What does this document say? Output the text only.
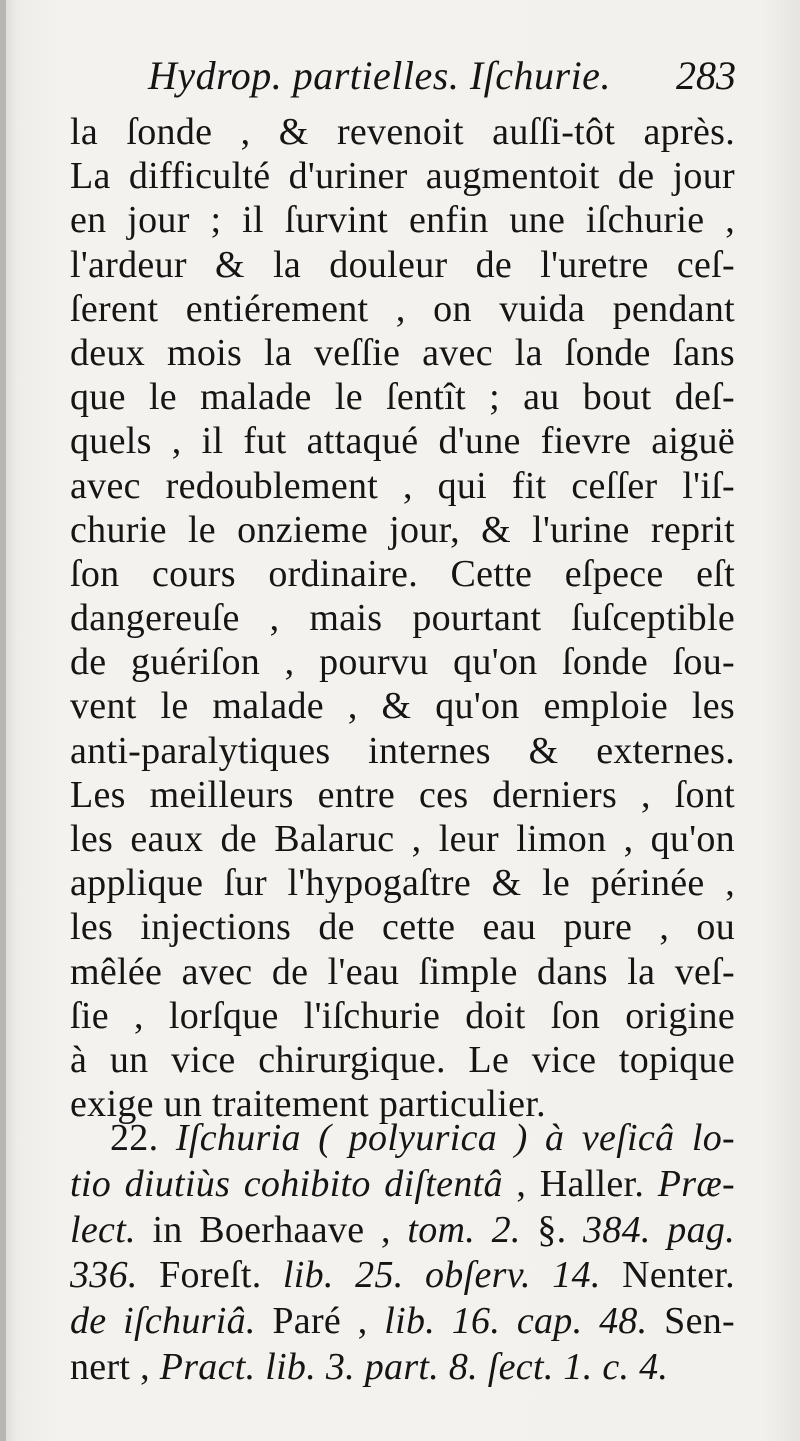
Hydrop. partielles. Iſchurie. 283
la ſonde , & revenoit auſſi-tôt après.
La difficulté d'uriner augmentoit de jour
en jour ; il ſurvint enfin une iſchurie ,
l'ardeur & la douleur de l'uretre ceſ-
ſerent entiérement , on vuida pendant
deux mois la veſſie avec la ſonde ſans
que le malade le ſentît ; au bout deſ-
quels , il fut attaqué d'une fievre aiguë
avec redoublement , qui fit ceſſer l'iſ-
churie le onzieme jour, & l'urine reprit
ſon cours ordinaire. Cette eſpece eſt
dangereuſe , mais pourtant ſuſceptible
de guériſon , pourvu qu'on ſonde ſou-
vent le malade , & qu'on emploie les
anti-paralytiques internes & externes.
Les meilleurs entre ces derniers , ſont
les eaux de Balaruc , leur limon , qu'on
applique ſur l'hypogaſtre & le périnée ,
les injections de cette eau pure , ou
mêlée avec de l'eau ſimple dans la veſ-
ſie , lorſque l'iſchurie doit ſon origine
à un vice chirurgique. Le vice topique
exige un traitement particulier.
22. Iſchuria ( polyurica ) à veſicâ lo-
tio diutiùs cohibito diſtentâ , Haller. Præ-
lect. in Boerhaave , tom. 2. §. 384. pag.
336. Foreſt. lib. 25. obſerv. 14. Nenter.
de iſchuriâ. Paré , lib. 16. cap. 48. Sen-
nert , Pract. lib. 3. part. 8. ſect. 1. c. 4.
